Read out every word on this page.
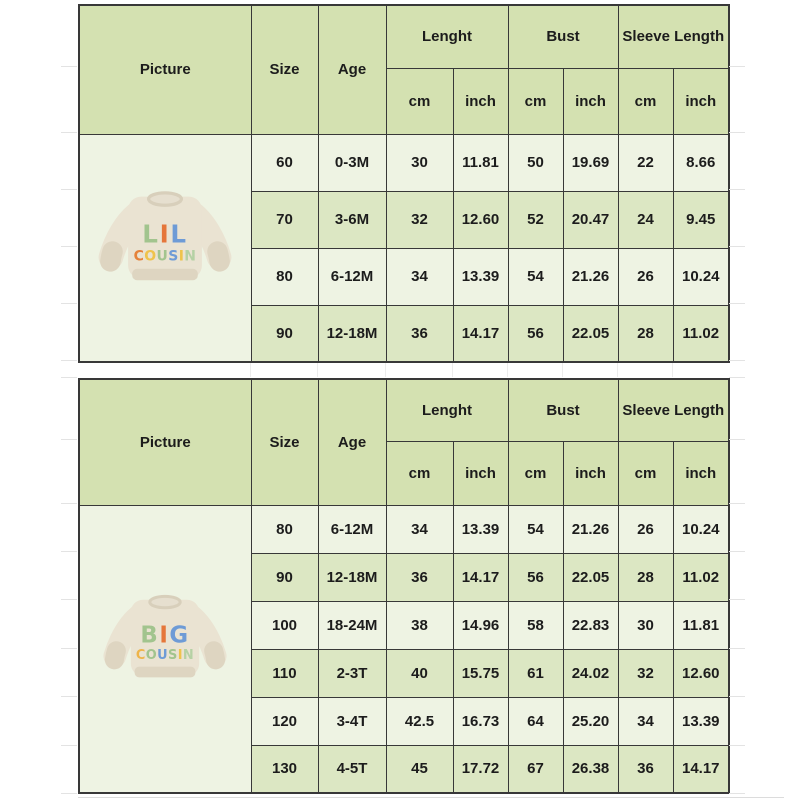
Picture	Size	Age	Lenght		Bust		Sleeve Length	
			cm	inch	cm	inch	cm	inch

LIL
COUSIN	60	0-3M	30	11.81	50	19.69	22	8.66
	70	3-6M	32	12.60	52	20.47	24	9.45
	80	6-12M	34	13.39	54	21.26	26	10.24
	90	12-18M	36	14.17	56	22.05	28	11.02
Picture	Size	Age	Lenght		Bust		Sleeve Length	
			cm	inch	cm	inch	cm	inch

BIG
COUSIN	80	6-12M	34	13.39	54	21.26	26	10.24
	90	12-18M	36	14.17	56	22.05	28	11.02
	100	18-24M	38	14.96	58	22.83	30	11.81
	110	2-3T	40	15.75	61	24.02	32	12.60
	120	3-4T	42.5	16.73	64	25.20	34	13.39
	130	4-5T	45	17.72	67	26.38	36	14.17
